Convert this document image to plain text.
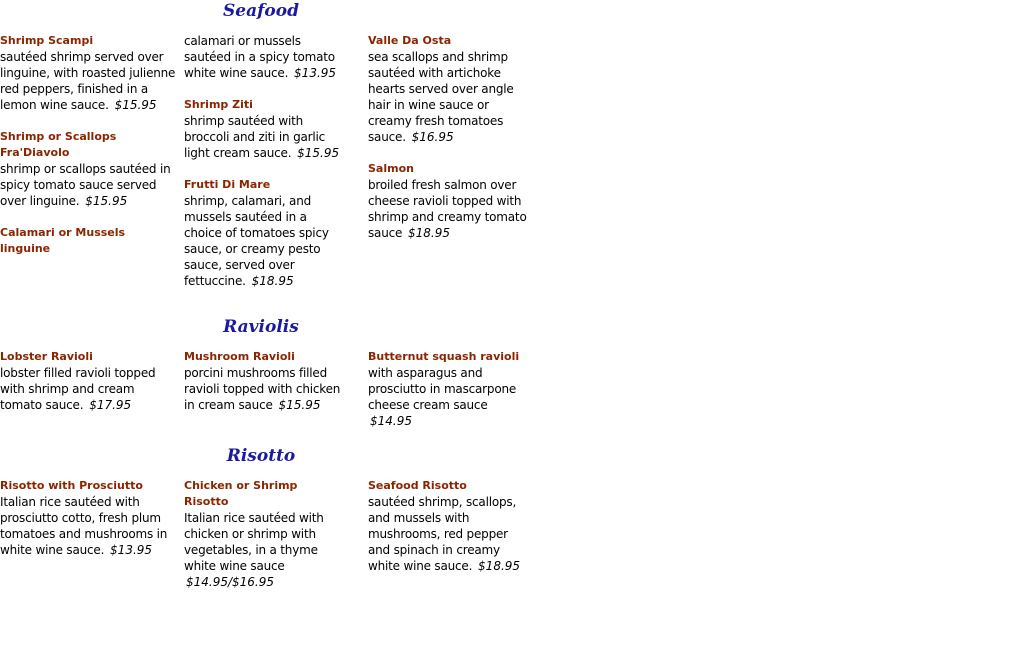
Seafood
Shrimp Scampi
sautéed shrimp served over linguine, with roasted julienne red peppers, finished in a lemon wine sauce. $15.95
Shrimp or Scallops Fra'Diavolo
shrimp or scallops sautéed in spicy tomato sauce served over linguine. $15.95
Calamari or Mussels linguine
calamari or mussels sautéed in a spicy tomato white wine sauce. $13.95
Shrimp Ziti
shrimp sautéed with broccoli and ziti in garlic light cream sauce. $15.95
Frutti Di Mare
shrimp, calamari, and mussels sautéed in a choice of tomatoes spicy sauce, or creamy pesto sauce, served over fettuccine. $18.95
Valle Da Osta
sea scallops and shrimp sautéed with artichoke hearts served over angle hair in wine sauce or creamy fresh tomatoes sauce. $16.95
Salmon
broiled fresh salmon over cheese ravioli topped with shrimp and creamy tomato sauce $18.95
Raviolis
Lobster Ravioli
lobster filled ravioli topped with shrimp and cream tomato sauce. $17.95
Mushroom Ravioli
porcini mushrooms filled ravioli topped with chicken in cream sauce $15.95
Butternut squash ravioli
with asparagus and prosciutto in mascarpone cheese cream sauce $14.95
Risotto
Risotto with Prosciutto
Italian rice sautéed with prosciutto cotto, fresh plum tomatoes and mushrooms in white wine sauce. $13.95
Chicken or Shrimp Risotto
Italian rice sautéed with chicken or shrimp with vegetables, in a thyme white wine sauce $14.95/$16.95
Seafood Risotto
sautéed shrimp, scallops, and mussels with mushrooms, red pepper and spinach in creamy white wine sauce. $18.95
